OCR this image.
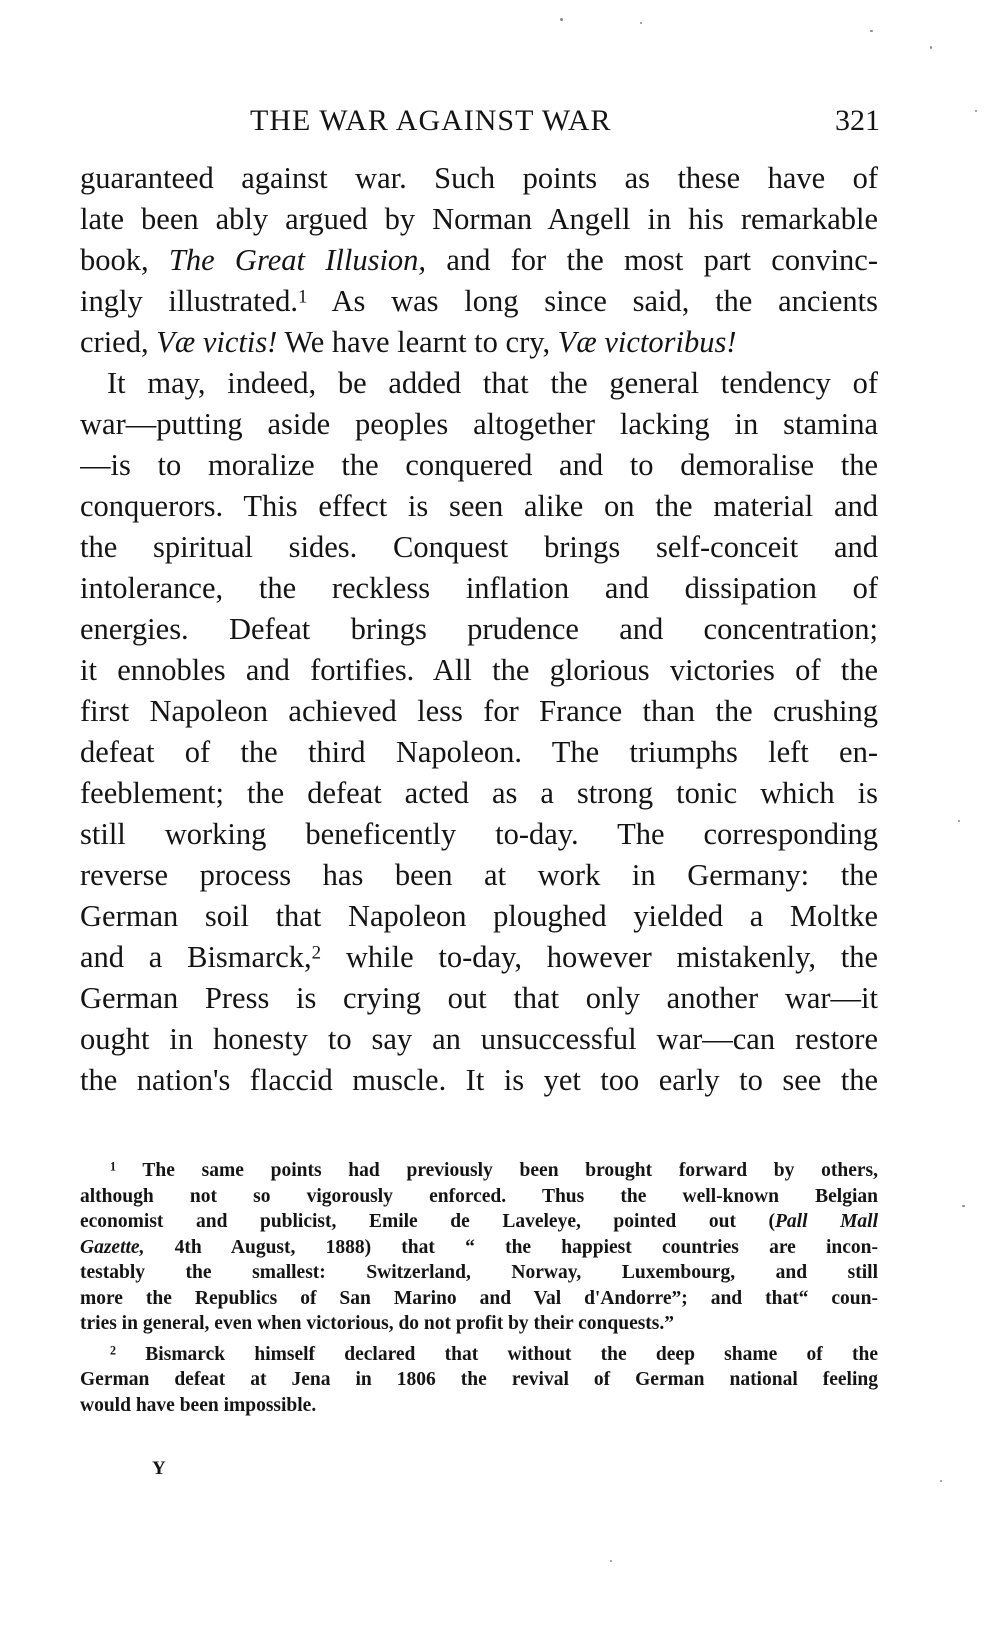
THE WAR AGAINST WAR	321
guaranteed against war. Such points as these have of
late been ably argued by Norman Angell in his remarkable
book, The Great Illusion, and for the most part convinc-
ingly illustrated.$^1$ As was long since said, the ancients
cried, Væ victis! We have learnt to cry, Væ victoribus!
It may, indeed, be added that the general tendency of
war—putting aside peoples altogether lacking in stamina
—is to moralize the conquered and to demoralise the
conquerors. This effect is seen alike on the material and
the spiritual sides. Conquest brings self-conceit and
intolerance, the reckless inflation and dissipation of
energies. Defeat brings prudence and concentration;
it ennobles and fortifies. All the glorious victories of the
first Napoleon achieved less for France than the crushing
defeat of the third Napoleon. The triumphs left en-
feeblement; the defeat acted as a strong tonic which is
still working beneficently to-day. The corresponding
reverse process has been at work in Germany: the
German soil that Napoleon ploughed yielded a Moltke
and a Bismarck,$^2$ while to-day, however mistakenly, the
German Press is crying out that only another war—it
ought in honesty to say an unsuccessful war—can restore
the nation's flaccid muscle. It is yet too early to see the
$^1$ The same points had previously been brought forward by others,
although not so vigorously enforced. Thus the well-known Belgian
economist and publicist, Emile de Laveleye, pointed out (Pall Mall
Gazette, 4th August, 1888) that “ the happiest countries are incon-
testably the smallest: Switzerland, Norway, Luxembourg, and still
more the Republics of San Marino and Val d'Andorre”; and that“ coun-
tries in general, even when victorious, do not profit by their conquests.”
$^2$ Bismarck himself declared that without the deep shame of the
German defeat at Jena in 1806 the revival of German national feeling
would have been impossible.
Y
